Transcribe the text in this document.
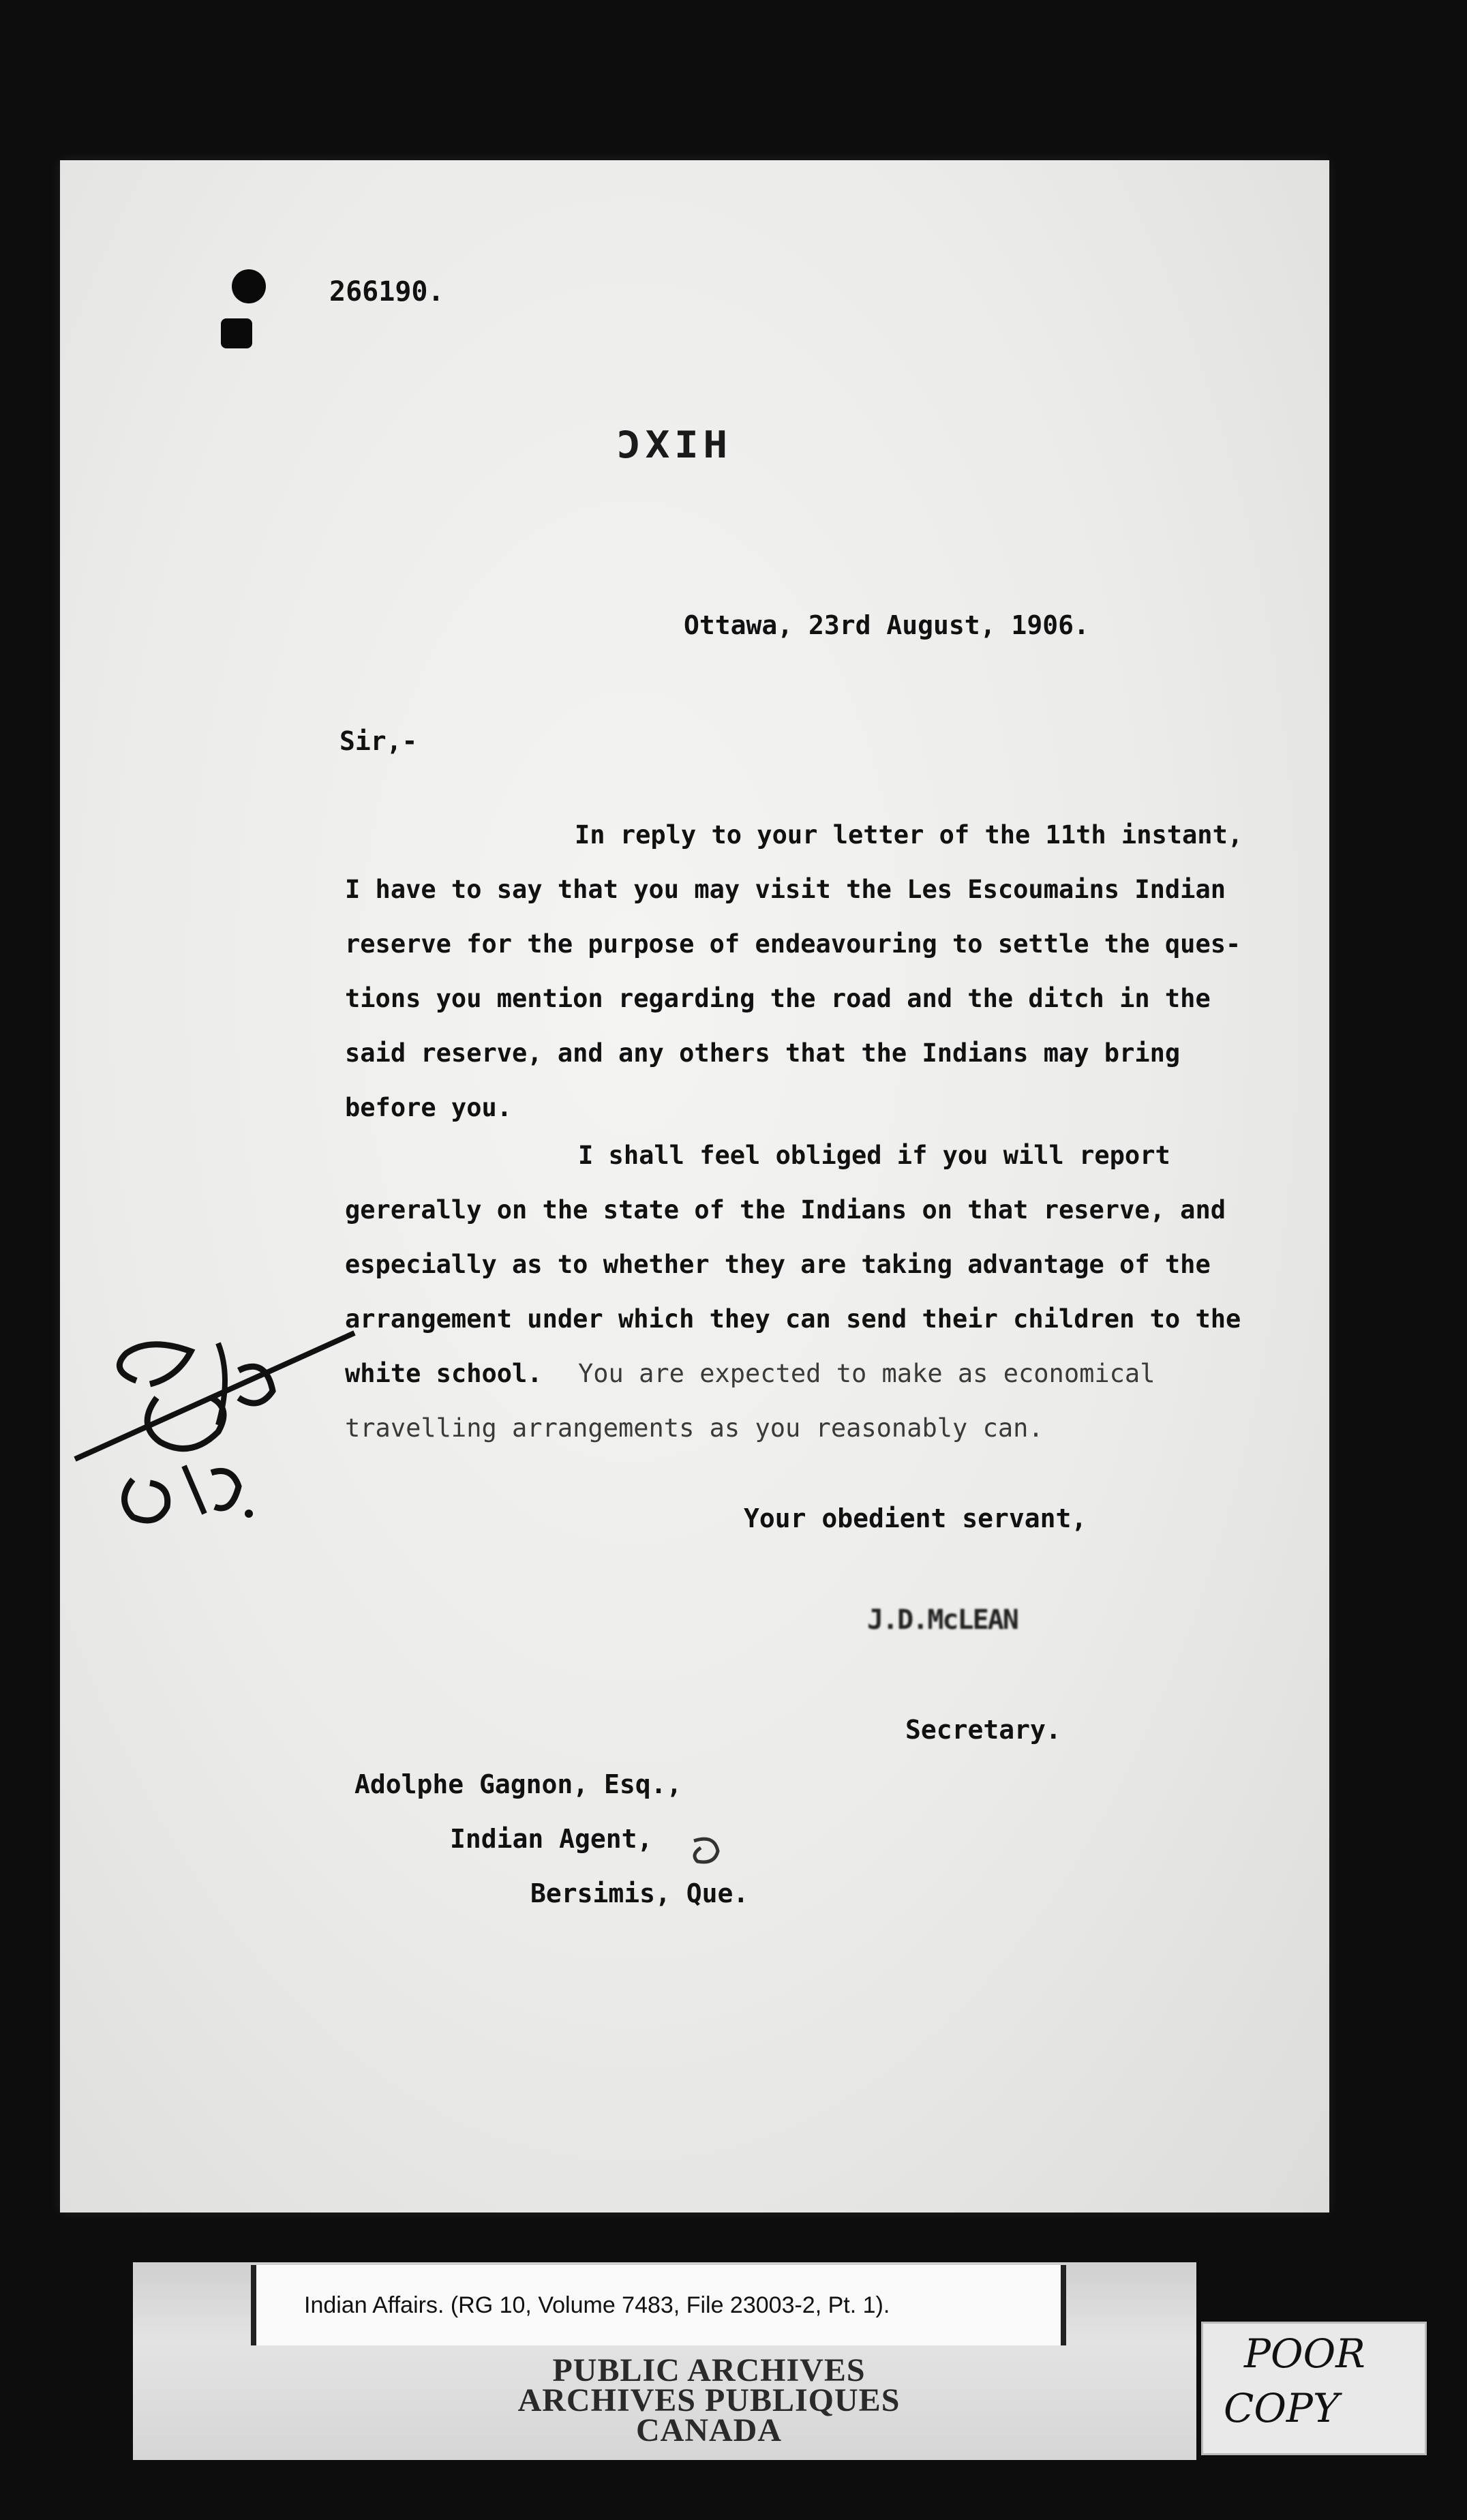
266190.
ƆXIH
Ottawa, 23rd August, 1906.
Sir,-
In reply to your letter of the 11th instant,
I have to say that you may visit the Les Escoumains Indian
reserve for the purpose of endeavouring to settle the ques-
tions you mention regarding the road and the ditch in the
said reserve, and any others that the Indians may bring
before you.
I shall feel obliged if you will report
gererally on the state of the Indians on that reserve, and
especially as to whether they are taking advantage of the
arrangement under which they can send their children to the
white school. You are expected to make as economical
travelling arrangements as you reasonably can.
Your obedient servant,
J.D.McLEAN
Secretary.
Adolphe Gagnon, Esq.,
Indian Agent,
Bersimis, Que.
Indian Affairs. (RG 10, Volume 7483, File 23003-2, Pt. 1).
PUBLIC ARCHIVES
ARCHIVES PUBLIQUES
CANADA
POOR
COPY
